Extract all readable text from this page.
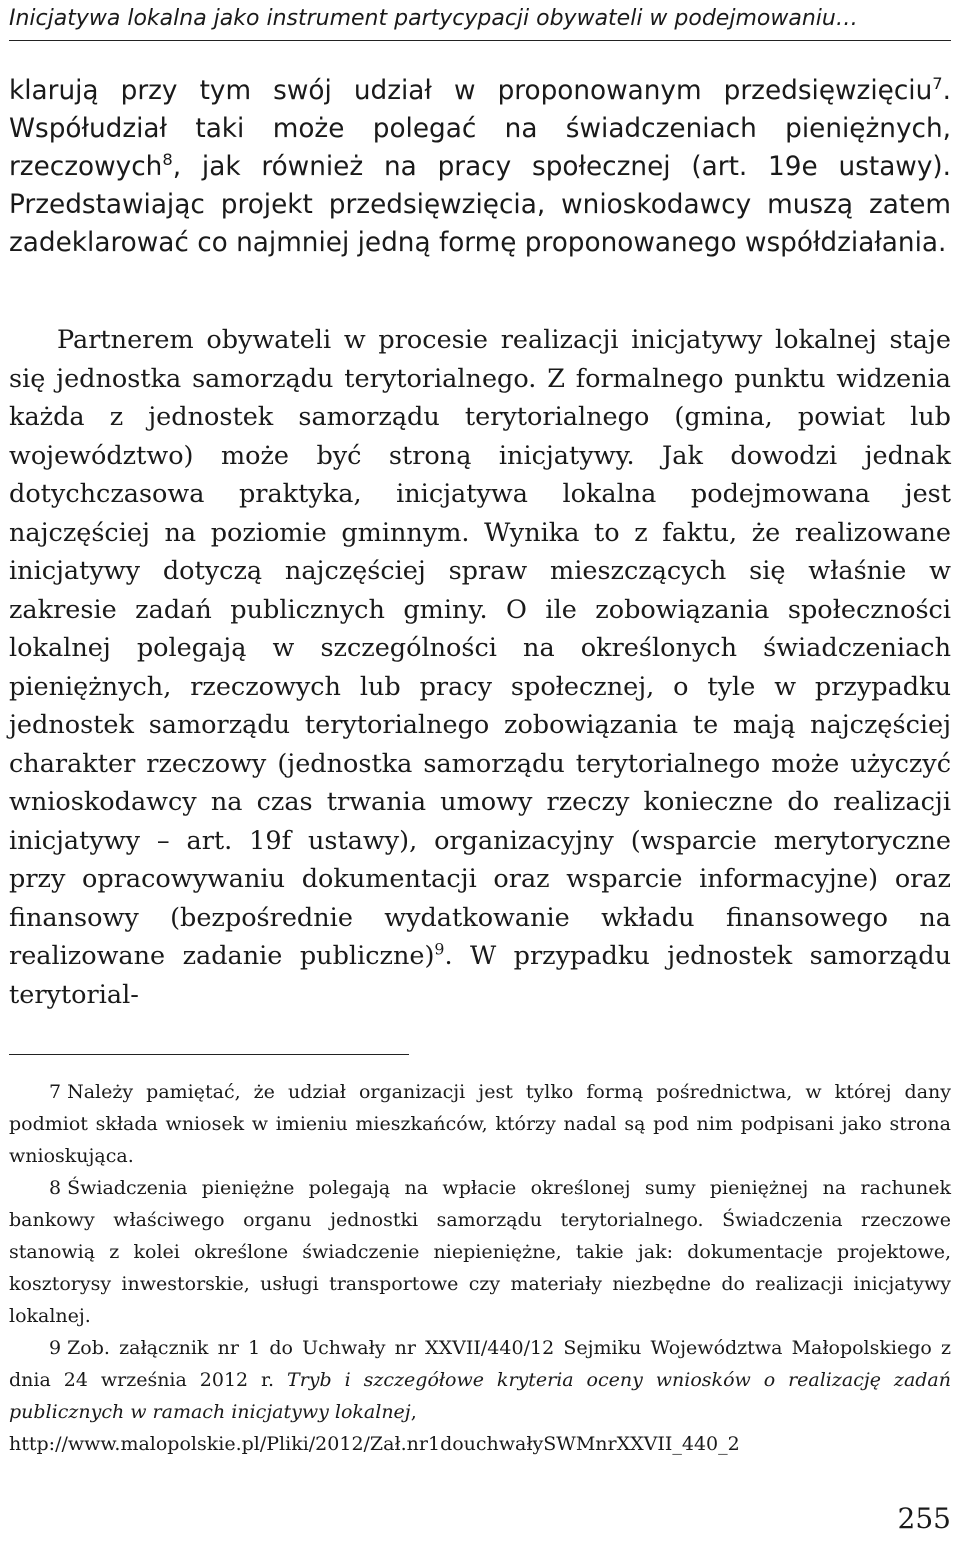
Inicjatywa lokalna jako instrument partycypacji obywateli w podejmowaniu…

klarują przy tym swój udział w proponowanym przedsięwzięciu$^7$. Współudział taki może polegać na świadczeniach pieniężnych, rzeczowych$^8$, jak również na pracy społecznej (art. 19e ustawy). Przedstawiając projekt przedsięwzięcia, wnioskodawcy muszą zatem zadeklarować co najmniej jedną formę proponowanego współdziałania.

Partnerem obywateli w procesie realizacji inicjatywy lokalnej staje się jednostka samorządu terytorialnego. Z formalnego punktu widzenia każda z jednostek samorządu terytorialnego (gmina, powiat lub województwo) może być stroną inicjatywy. Jak dowodzi jednak dotychczasowa praktyka, inicjatywa lokalna podejmowana jest najczęściej na poziomie gminnym. Wynika to z faktu, że realizowane inicjatywy dotyczą najczęściej spraw mieszczących się właśnie w zakresie zadań publicznych gminy. O ile zobowiązania społeczności lokalnej polegają w szczególności na określonych świadczeniach pieniężnych, rzeczowych lub pracy społecznej, o tyle w przypadku jednostek samorządu terytorialnego zobowiązania te mają najczęściej charakter rzeczowy (jednostka samorządu terytorialnego może użyczyć wnioskodawcy na czas trwania umowy rzeczy konieczne do realizacji inicjatywy – art. 19f ustawy), organizacyjny (wsparcie merytoryczne przy opracowywaniu dokumentacji oraz wsparcie informacyjne) oraz finansowy (bezpośrednie wydatkowanie wkładu finansowego na realizowane zadanie publiczne)$^9$. W przypadku jednostek samorządu terytorial-

7 Należy pamiętać, że udział organizacji jest tylko formą pośrednictwa, w której dany podmiot składa wniosek w imieniu mieszkańców, którzy nadal są pod nim podpisani jako strona wnioskująca.

8 Świadczenia pieniężne polegają na wpłacie określonej sumy pieniężnej na rachunek bankowy właściwego organu jednostki samorządu terytorialnego. Świadczenia rzeczowe stanowią z kolei określone świadczenie niepieniężne, takie jak: dokumentacje projektowe, kosztorysy inwestorskie, usługi transportowe czy materiały niezbędne do realizacji inicjatywy lokalnej.

9 Zob. załącznik nr 1 do Uchwały nr XXVII/440/12 Sejmiku Województwa Małopolskiego z dnia 24 września 2012 r. Tryb i szczegółowe kryteria oceny wniosków o realizację zadań publicznych w ramach inicjatywy lokalnej,
http://www.malopolskie.pl/Pliki/2012/Zał.nr1douchwałySWMnrXXVII_440_2

255
